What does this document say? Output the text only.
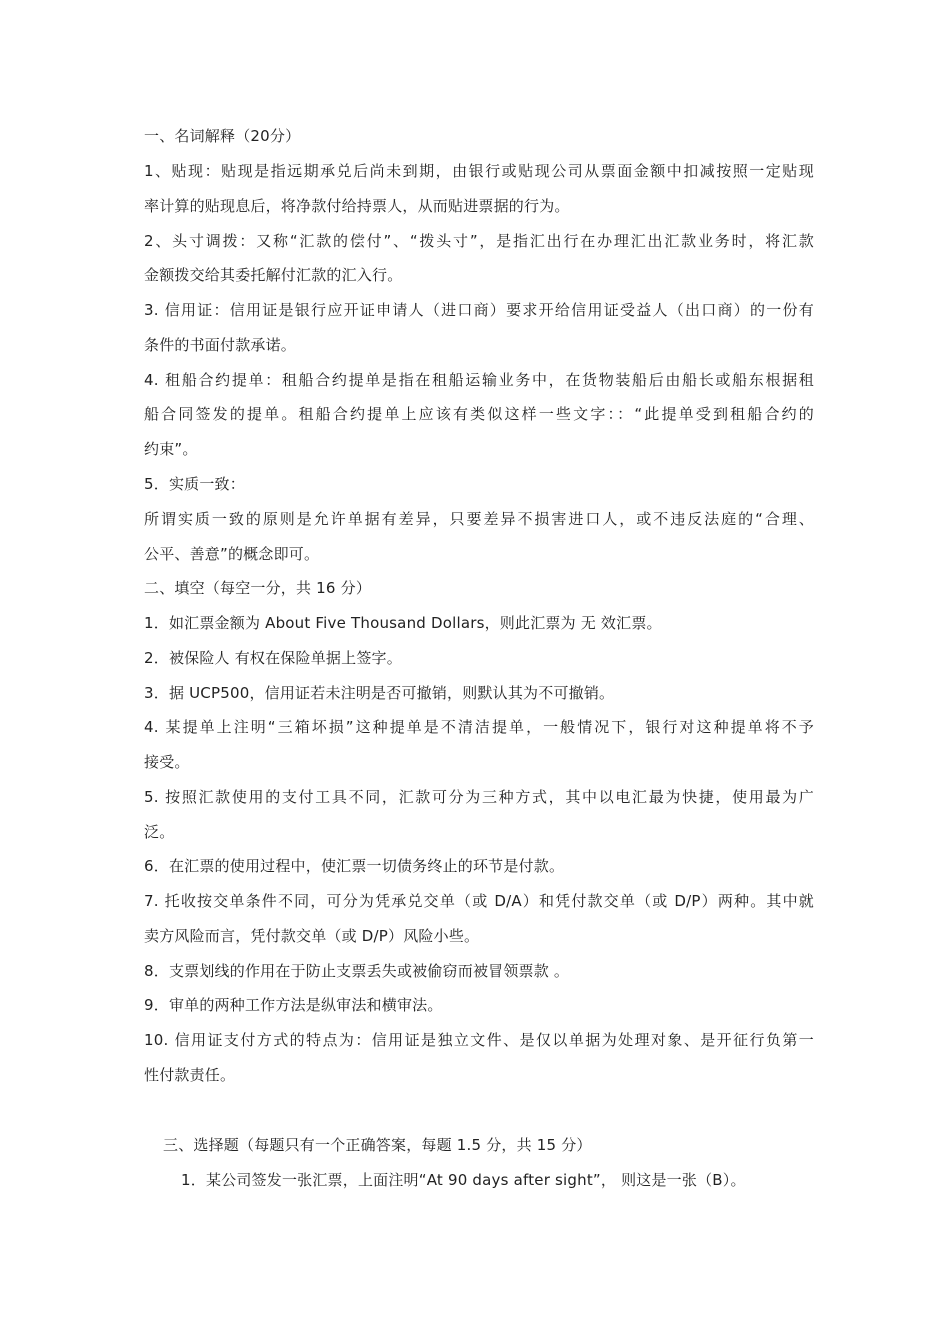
一、名词解释（20分）
1、贴现：贴现是指远期承兑后尚未到期，由银行或贴现公司从票面金额中扣减按照一定贴现
率计算的贴现息后，将净款付给持票人，从而贴进票据的行为。
2、头寸调拨：又称“汇款的偿付”、“拨头寸”，是指汇出行在办理汇出汇款业务时，将汇款
金额拨交给其委托解付汇款的汇入行。
3. 信用证：信用证是银行应开证申请人（进口商）要求开给信用证受益人（出口商）的一份有
条件的书面付款承诺。
4. 租船合约提单：租船合约提单是指在租船运输业务中，在货物装船后由船长或船东根据租
船合同签发的提单。租船合约提单上应该有类似这样一些文字：：“此提单受到租船合约的
约束”。
5．实质一致：
所谓实质一致的原则是允许单据有差异，只要差异不损害进口人，或不违反法庭的“合理、
公平、善意”的概念即可。
二、填空（每空一分，共 16 分）
1．如汇票金额为 About Five Thousand Dollars，则此汇票为 无 效汇票。
2．被保险人 有权在保险单据上签字。
3．据 UCP500，信用证若未注明是否可撤销，则默认其为不可撤销。
4. 某提单上注明“三箱坏损”这种提单是不清洁提单，一般情况下，银行对这种提单将不予
接受。
5. 按照汇款使用的支付工具不同，汇款可分为三种方式，其中以电汇最为快捷，使用最为广
泛。
6．在汇票的使用过程中，使汇票一切债务终止的环节是付款。
7. 托收按交单条件不同，可分为凭承兑交单（或 D/A）和凭付款交单（或 D/P）两种。其中就
卖方风险而言，凭付款交单（或 D/P）风险小些。
8．支票划线的作用在于防止支票丢失或被偷窃而被冒领票款 。
9．审单的两种工作方法是纵审法和横审法。
10. 信用证支付方式的特点为：信用证是独立文件、是仅以单据为处理对象、是开征行负第一
性付款责任。
三、选择题（每题只有一个正确答案，每题 1.5 分，共 15 分）
1．某公司签发一张汇票，上面注明“At 90 days after sight”， 则这是一张（B）。
